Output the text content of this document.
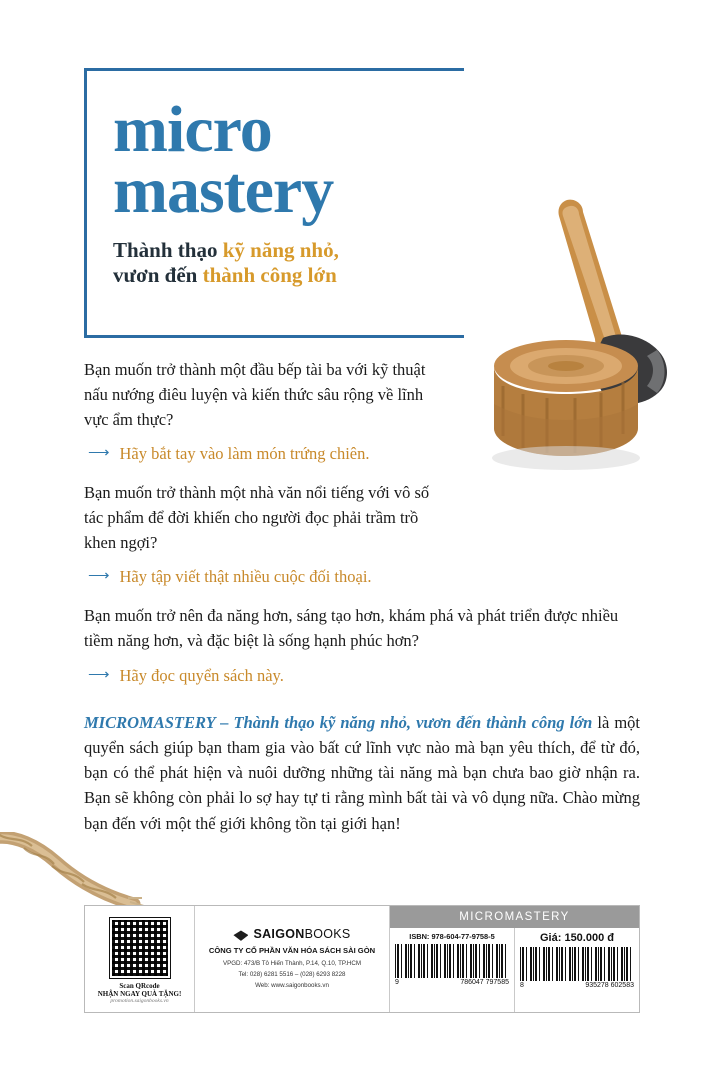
micro
mastery
Thành thạo kỹ năng nhỏ,
vươn đến thành công lớn

Bạn muốn trở thành một đầu bếp tài ba với kỹ thuật nấu nướng điêu luyện và kiến thức sâu rộng về lĩnh vực ẩm thực?

⟶ Hãy bắt tay vào làm món trứng chiên.

Bạn muốn trở thành một nhà văn nổi tiếng với vô số tác phẩm để đời khiến cho người đọc phải trầm trồ khen ngợi?

⟶ Hãy tập viết thật nhiều cuộc đối thoại.

Bạn muốn trở nên đa năng hơn, sáng tạo hơn, khám phá và phát triển được nhiều tiềm năng hơn, và đặc biệt là sống hạnh phúc hơn?

⟶ Hãy đọc quyển sách này.

MICROMASTERY – Thành thạo kỹ năng nhỏ, vươn đến thành công lớn là một quyển sách giúp bạn tham gia vào bất cứ lĩnh vực nào mà bạn yêu thích, để từ đó, bạn có thể phát hiện và nuôi dưỡng những tài năng mà bạn chưa bao giờ nhận ra. Bạn sẽ không còn phải lo sợ hay tự ti rằng mình bất tài và vô dụng nữa. Chào mừng bạn đến với một thế giới không tồn tại giới hạn!

Scan QRcode
NHẬN NGAY QUÀ TẶNG!
promotion.saigonbooks.vn
SAIGONBOOKS
CÔNG TY CỔ PHẦN VĂN HÓA SÁCH SÀI GÒN
VPGD: 473/B Tô Hiến Thành, P.14, Q.10, TP.HCM
Tel: 028) 6281 5516 – (028) 6293 8228
Web: www.saigonbooks.vn
MICROMASTERY
ISBN: 978-604-77-9758-5
9	786047 797585
Giá: 150.000 đ
8	935278 602583
